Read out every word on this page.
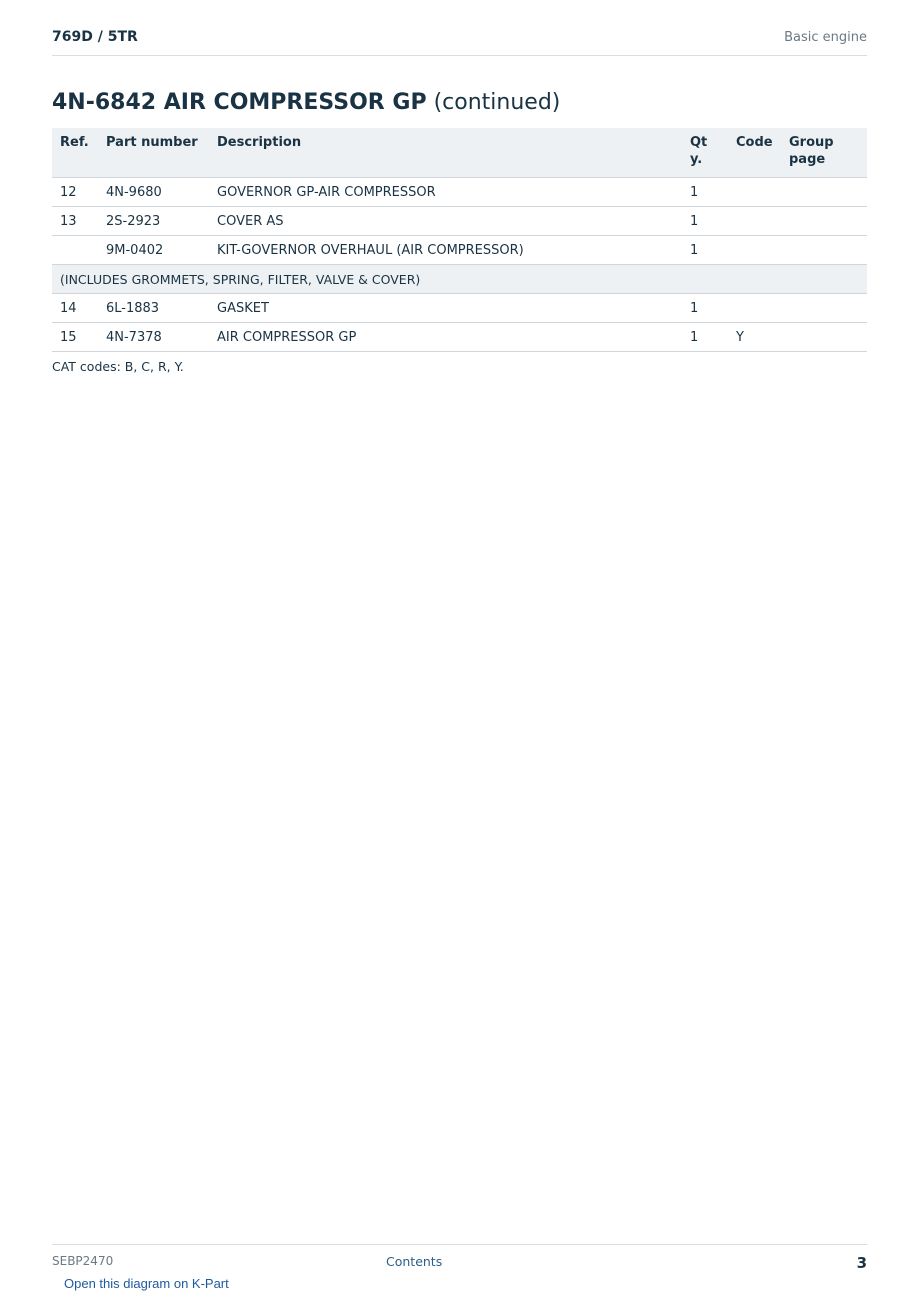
769D / 5TR	Basic engine
4N-6842 AIR COMPRESSOR GP (continued)
Ref.	Part number	Description	Qty.	Code	Group page
12	4N-9680	GOVERNOR GP-AIR COMPRESSOR	1		
13	2S-2923	COVER AS	1		
	9M-0402	KIT-GOVERNOR OVERHAUL (AIR COMPRESSOR)	1		
(INCLUDES GROMMETS, SPRING, FILTER, VALVE & COVER)					
14	6L-1883	GASKET	1		
15	4N-7378	AIR COMPRESSOR GP	1	Y	
CAT codes: B, C, R, Y.
SEBP2470	Contents	3
Open this diagram on K-Part
